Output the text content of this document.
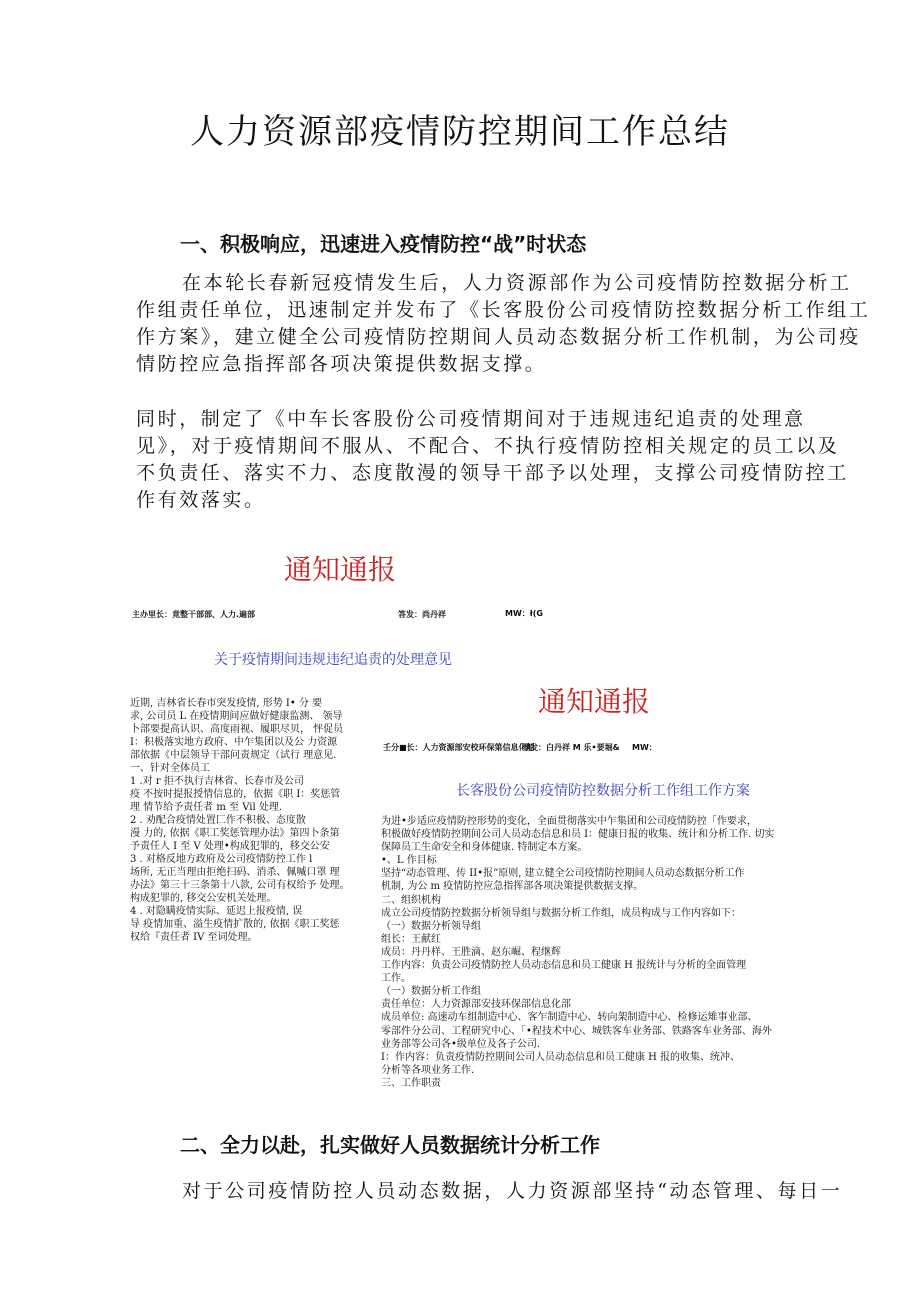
人力资源部疫情防控期间工作总结
一、积极响应，迅速进入疫情防控“战”时状态
在本轮长春新冠疫情发生后，人力资源部作为公司疫情防控数据分析工
作组责任单位，迅速制定并发布了《长客股份公司疫情防控数据分析工作组工
作方案》，建立健全公司疫情防控期间人员动态数据分析工作机制，为公司疫
情防控应急指挥部各项决策提供数据支撑。
同时，制定了《中车长客股份公司疫情期间对于违规违纪追责的处理意
见》，对于疫情期间不服从、不配合、不执行疫情防控相关规定的员工以及
不负责任、落实不力、态度散漫的领导干部予以处理，支撑公司疫情防控工
作有效落实。
通知通报
主办里长：竟整干部部、人力.遍部	答发：尚丹祥	MW：ł(G
关于疫情期间违规违纪追责的处理意见
近期, 吉林省长春市突发疫情, 形势 I• 分 要
求, 公司员 L 在疫情期间应做好健康监测、 领导
卜部要提高认识、高度雨视、履职尽贝， 怦促员
I：积极落实地方政府、中乍集团以及公 力资源
部依据《中层领导干部问责规定（试行 理意见.
一、针对全体员工
1 .对 r 拒不执行吉林省、长春市及公司
疫 不按时提报授情信息的，依据《职 I：奖惩管
理 情节给予责任者 m 至 Vil 处理.
2 . 劝配合疫情处置匚作不积极、态度散
漫 力的, 依据《职工奖惩管理办法》第四卜条第
予责任人 I 至 V 处理•构成犯罪的，移交公安
3 . 对格反地方政府及公司疫情防控工作 l
场所, 无正当理由拒绝扫码、消杀、佩喊口罩 理
办法》第三十三条第十八款, 公司有权给予 处理。
构成犯罪的, 移交公安机关处理。
4 . 对隐瞒疫情实际、延迟上报疫情, 误
导 疫情加重、溢生疫情扩散的, 依据《职工奖惩
权给『责任者 IV 至词处理。
通知通报
壬分■长：人力资源部安校环保第信息化船
零发：白丹祥 M 乐•要堀& MW：
长客股份公司疫情防控数据分析工作组工作方案
为进•步适应疫情防控形势的变化，全面贯彻落实中乍集团和公司疫情防控「作要求，
积极做好疫情防控期间公司人员动态信息和员 I：健康日报的收集、统计和分析工作. 切实
保障员工生命安全和身体健康. 特制定本方案。
•、L 作目标
坚持“动态管理、传 II•报”原则, 建立健全公司疫情防控期间人员动态数据分析工作
机制, 为公 m 疫情防控应急指挥部各项决策提供数据支撑。
二、组织机构
成立公司疫情防控数据分析领导组与数据分析工作组，成员构成与工作内容如下：
（一）数据分析领导组
组长：王献红
成员：丹丹样、王胜滴、赵东崛、程继辉
工作内容：负责公司疫情防控人员动态信息和员工健康 H 报统计与分析的全面管理
工作。
（一）数据分析工作组
责任单位：人力资源部安技环保部信息化部
成员单位: 高速动车组制造中心、客乍制造中心、转向架制造中心、检修运雉事业部、
零部件分公司、工程研究中心、「•程技术中心、城铁客车业务部、铁路客车业务部、海外
业务部等公司各•级单位及各子公司.
I：作内容：负责疫情防控期间公司人员动态信息和员工健康 H 报的收集、统冲、
分析等各项业务工作.
三、工作职责
二、全力以赴，扎实做好人员数据统计分析工作
对于公司疫情防控人员动态数据，人力资源部坚持“动态管理、每日一
